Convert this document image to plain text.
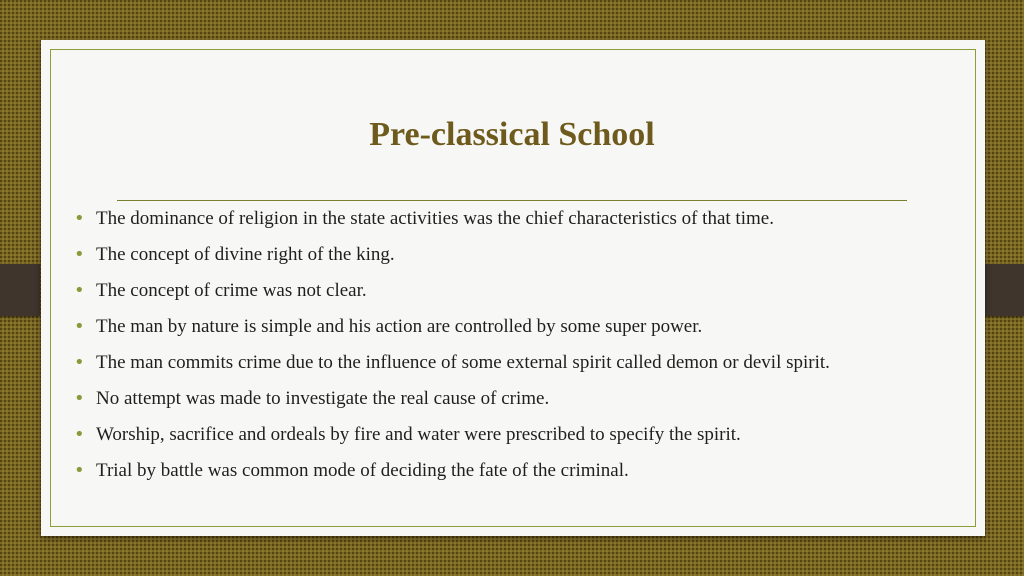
Pre-classical School
• The dominance of religion in the state activities was the chief characteristics of that time.
• The concept of divine right of the king.
• The concept of crime was not clear.
• The man by nature is simple and his action are controlled by some super power.
• The man commits crime due to the influence of some external spirit called demon or devil spirit.
• No attempt was made to investigate the real cause of crime.
• Worship, sacrifice and ordeals by fire and water were prescribed to specify the spirit.
• Trial by battle was common mode of deciding the fate of the criminal.
